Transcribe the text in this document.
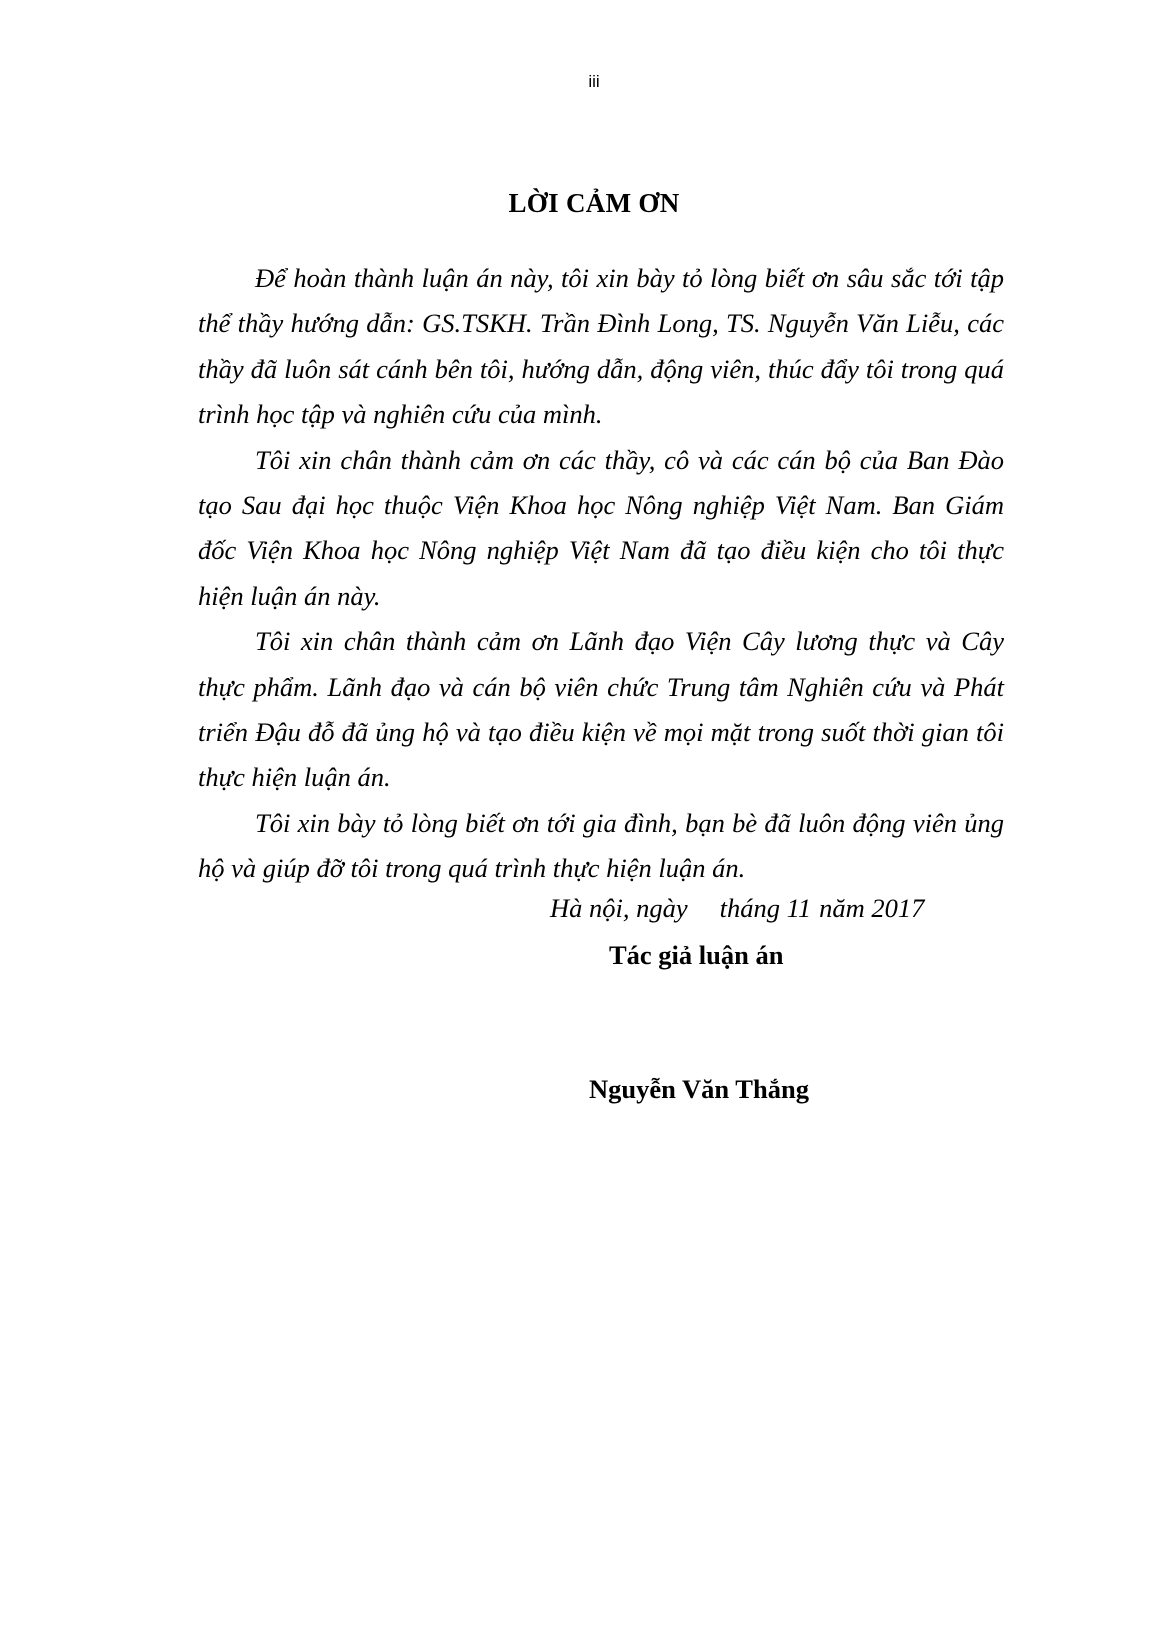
iii
LỜI CẢM ƠN

Để hoàn thành luận án này, tôi xin bày tỏ lòng biết ơn sâu sắc tới tập thể thầy hướng dẫn: GS.TSKH. Trần Đình Long, TS. Nguyễn Văn Liễu, các thầy đã luôn sát cánh bên tôi, hướng dẫn, động viên, thúc đẩy tôi trong quá trình học tập và nghiên cứu của mình.

Tôi xin chân thành cảm ơn các thầy, cô và các cán bộ của Ban Đào tạo Sau đại học thuộc Viện Khoa học Nông nghiệp Việt Nam. Ban Giám đốc Viện Khoa học Nông nghiệp Việt Nam đã tạo điều kiện cho tôi thực hiện luận án này.

Tôi xin chân thành cảm ơn Lãnh đạo Viện Cây lương thực và Cây thực phẩm. Lãnh đạo và cán bộ viên chức Trung tâm Nghiên cứu và Phát triển Đậu đỗ đã ủng hộ và tạo điều kiện về mọi mặt trong suốt thời gian tôi thực hiện luận án.

Tôi xin bày tỏ lòng biết ơn tới gia đình, bạn bè đã luôn động viên ủng hộ và giúp đỡ tôi trong quá trình thực hiện luận án.

Hà nội, ngày tháng 11 năm 2017
Tác giả luận án
Nguyễn Văn Thắng
